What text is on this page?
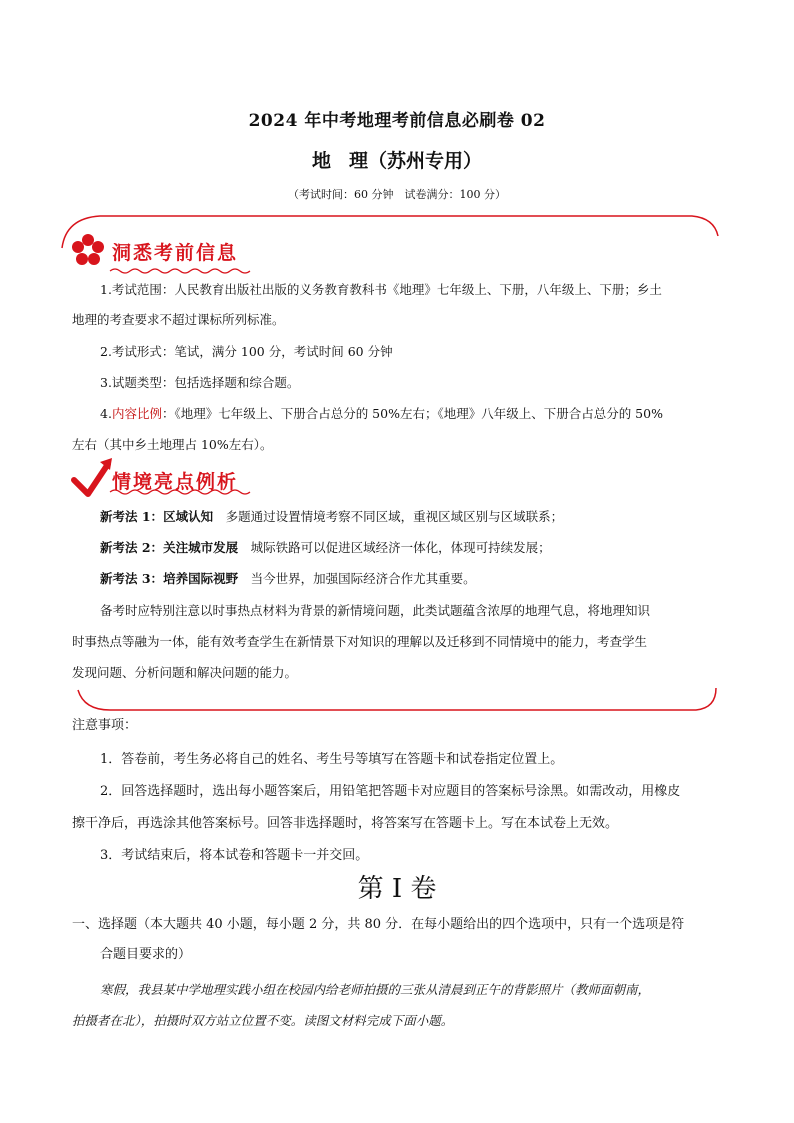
2024 年中考地理考前信息必刷卷 02
地 理（苏州专用）
（考试时间：60 分钟　试卷满分：100 分）
洞悉考前信息
1.考试范围：人民教育出版社出版的义务教育教科书《地理》七年级上、下册，八年级上、下册；乡土
地理的考查要求不超过课标所列标准。
2.考试形式：笔试，满分 100 分，考试时间 60 分钟
3.试题类型：包括选择题和综合题。
4.内容比例：《地理》七年级上、下册合占总分的 50%左右；《地理》八年级上、下册合占总分的 50%
左右（其中乡土地理占 10%左右）。
情境亮点例析
新考法 1：区域认知　 多题通过设置情境考察不同区域，重视区域区别与区域联系；
新考法 2：关注城市发展　 城际铁路可以促进区域经济一体化，体现可持续发展；
新考法 3：培养国际视野　 当今世界，加强国际经济合作尤其重要。
备考时应特别注意以时事热点材料为背景的新情境问题，此类试题蕴含浓厚的地理气息，将地理知识
时事热点等融为一体，能有效考查学生在新情景下对知识的理解以及迁移到不同情境中的能力，考查学生
发现问题、分析问题和解决问题的能力。
注意事项：
1．答卷前，考生务必将自己的姓名、考生号等填写在答题卡和试卷指定位置上。
2．回答选择题时，选出每小题答案后，用铅笔把答题卡对应题目的答案标号涂黑。如需改动，用橡皮
擦干净后，再选涂其他答案标号。回答非选择题时，将答案写在答题卡上。写在本试卷上无效。
3．考试结束后，将本试卷和答题卡一并交回。
第 I 卷
一、选择题（本大题共 40 小题，每小题 2 分，共 80 分．在每小题给出的四个选项中，只有一个选项是符
合题目要求的）
寒假，我县某中学地理实践小组在校园内给老师拍摄的三张从清晨到正午的背影照片（教师面朝南，
拍摄者在北），拍摄时双方站立位置不变。读图文材料完成下面小题。
